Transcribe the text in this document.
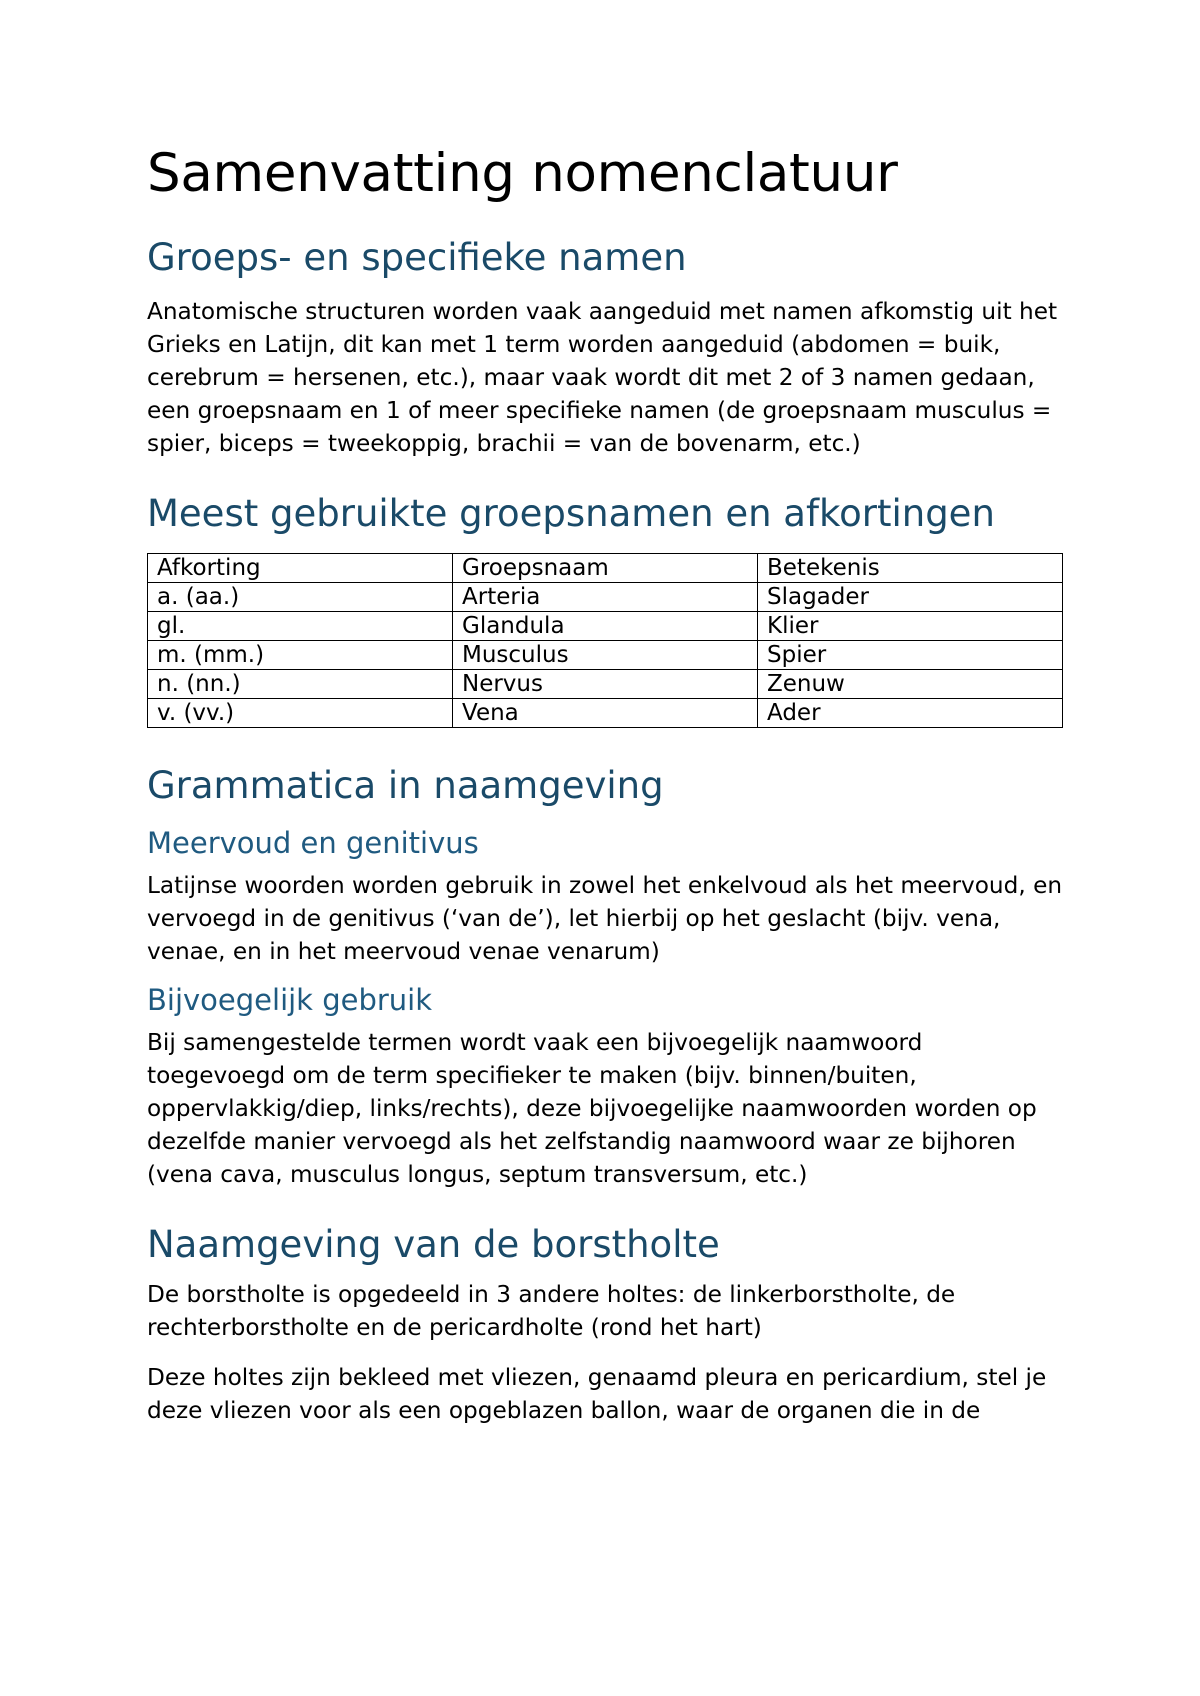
Samenvatting nomenclatuur
Groeps- en specifieke namen

Anatomische structuren worden vaak aangeduid met namen afkomstig uit het Grieks en Latijn, dit kan met 1 term worden aangeduid (abdomen = buik, cerebrum = hersenen, etc.), maar vaak wordt dit met 2 of 3 namen gedaan, een groepsnaam en 1 of meer specifieke namen (de groepsnaam musculus = spier, biceps = tweekoppig, brachii = van de bovenarm, etc.)

Meest gebruikte groepsnamen en afkortingen
Afkorting	Groepsnaam	Betekenis
a. (aa.)	Arteria	Slagader
gl.	Glandula	Klier
m. (mm.)	Musculus	Spier
n. (nn.)	Nervus	Zenuw
v. (vv.)	Vena	Ader
Grammatica in naamgeving
Meervoud en genitivus

Latijnse woorden worden gebruik in zowel het enkelvoud als het meervoud, en vervoegd in de genitivus (‘van de’), let hierbij op het geslacht (bijv. vena, venae, en in het meervoud venae venarum)

Bijvoegelijk gebruik

Bij samengestelde termen wordt vaak een bijvoegelijk naamwoord toegevoegd om de term specifieker te maken (bijv. binnen/buiten, oppervlakkig/diep, links/rechts), deze bijvoegelijke naamwoorden worden op dezelfde manier vervoegd als het zelfstandig naamwoord waar ze bijhoren (vena cava, musculus longus, septum transversum, etc.)

Naamgeving van de borstholte

De borstholte is opgedeeld in 3 andere holtes: de linkerborstholte, de rechterborstholte en de pericardholte (rond het hart)

Deze holtes zijn bekleed met vliezen, genaamd pleura en pericardium, stel je deze vliezen voor als een opgeblazen ballon, waar de organen die in de
